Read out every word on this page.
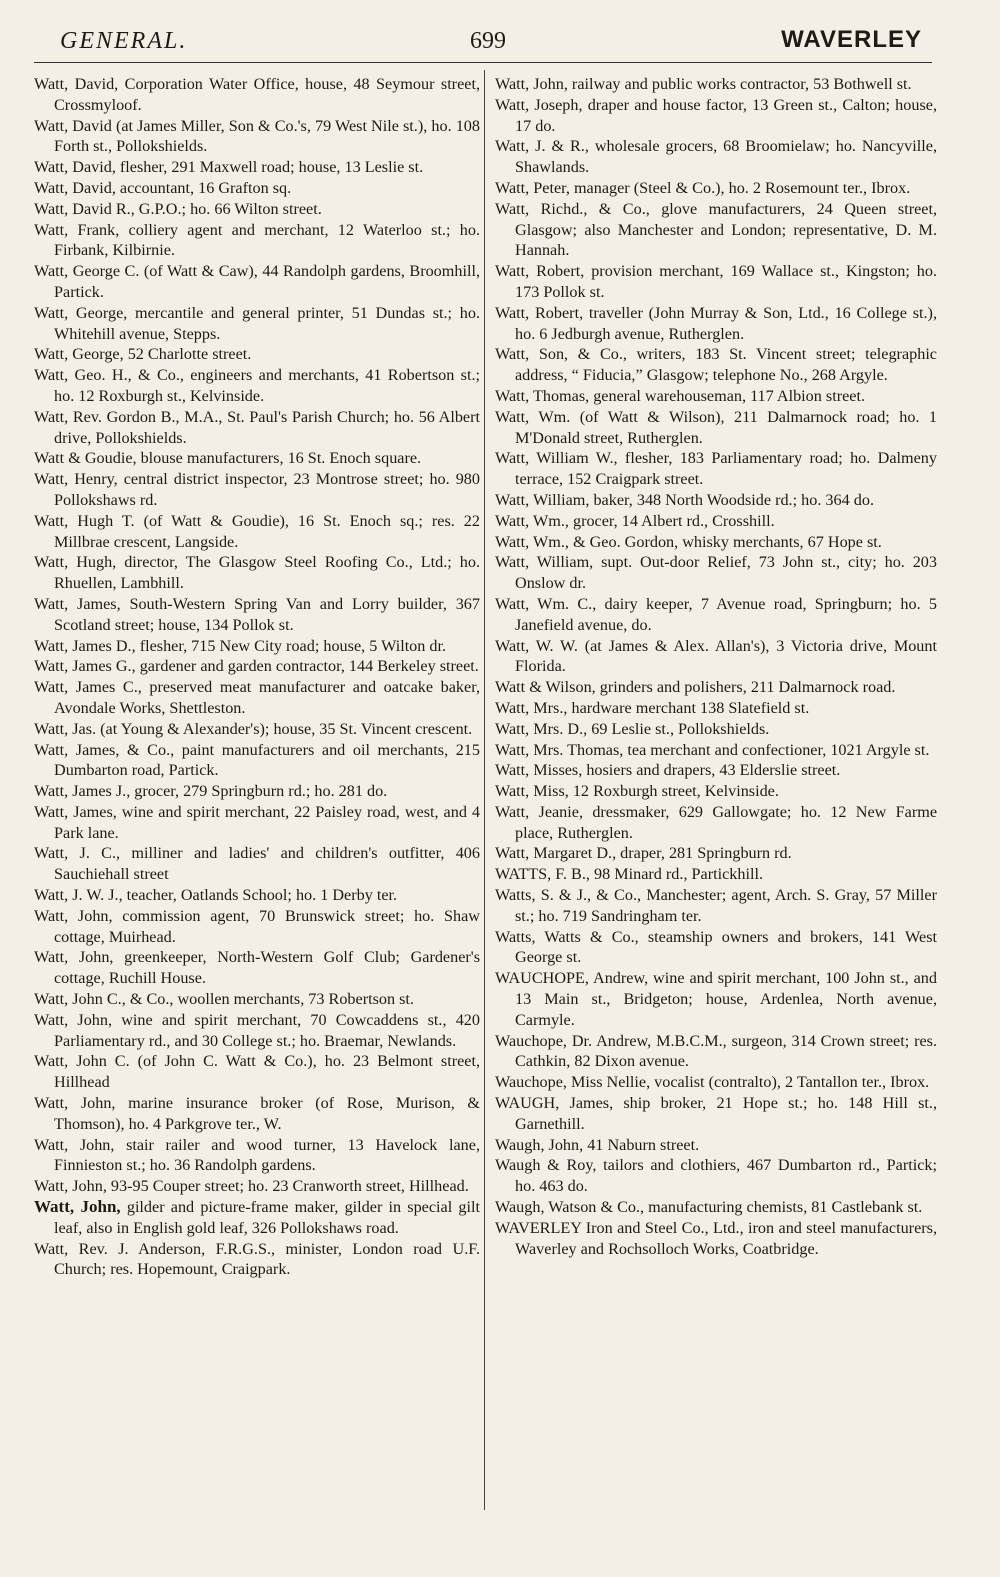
GENERAL.	699	WAVERLEY

Watt, David, Corporation Water Office, house, 48 Seymour street, Crossmyloof.

Watt, David (at James Miller, Son & Co.'s, 79 West Nile st.), ho. 108 Forth st., Pollokshields.

Watt, David, flesher, 291 Maxwell road; house, 13 Leslie st.

Watt, David, accountant, 16 Grafton sq.

Watt, David R., G.P.O.; ho. 66 Wilton street.

Watt, Frank, colliery agent and merchant, 12 Waterloo st.; ho. Firbank, Kilbirnie.

Watt, George C. (of Watt & Caw), 44 Randolph gardens, Broomhill, Partick.

Watt, George, mercantile and general printer, 51 Dundas st.; ho. Whitehill avenue, Stepps.

Watt, George, 52 Charlotte street.

Watt, Geo. H., & Co., engineers and merchants, 41 Robertson st.; ho. 12 Roxburgh st., Kelvinside.

Watt, Rev. Gordon B., M.A., St. Paul's Parish Church; ho. 56 Albert drive, Pollokshields.

Watt & Goudie, blouse manufacturers, 16 St. Enoch square.

Watt, Henry, central district inspector, 23 Montrose street; ho. 980 Pollokshaws rd.

Watt, Hugh T. (of Watt & Goudie), 16 St. Enoch sq.; res. 22 Millbrae crescent, Langside.

Watt, Hugh, director, The Glasgow Steel Roofing Co., Ltd.; ho. Rhuellen, Lambhill.

Watt, James, South-Western Spring Van and Lorry builder, 367 Scotland street; house, 134 Pollok st.

Watt, James D., flesher, 715 New City road; house, 5 Wilton dr.

Watt, James G., gardener and garden contractor, 144 Berkeley street.

Watt, James C., preserved meat manufacturer and oatcake baker, Avondale Works, Shettleston.

Watt, Jas. (at Young & Alexander's); house, 35 St. Vincent crescent.

Watt, James, & Co., paint manufacturers and oil merchants, 215 Dumbarton road, Partick.

Watt, James J., grocer, 279 Springburn rd.; ho. 281 do.

Watt, James, wine and spirit merchant, 22 Paisley road, west, and 4 Park lane.

Watt, J. C., milliner and ladies' and children's outfitter, 406 Sauchiehall street

Watt, J. W. J., teacher, Oatlands School; ho. 1 Derby ter.

Watt, John, commission agent, 70 Brunswick street; ho. Shaw cottage, Muirhead.

Watt, John, greenkeeper, North-Western Golf Club; Gardener's cottage, Ruchill House.

Watt, John C., & Co., woollen merchants, 73 Robertson st.

Watt, John, wine and spirit merchant, 70 Cowcaddens st., 420 Parliamentary rd., and 30 College st.; ho. Braemar, Newlands.

Watt, John C. (of John C. Watt & Co.), ho. 23 Belmont street, Hillhead

Watt, John, marine insurance broker (of Rose, Murison, & Thomson), ho. 4 Parkgrove ter., W.

Watt, John, stair railer and wood turner, 13 Havelock lane, Finnieston st.; ho. 36 Randolph gardens.

Watt, John, 93-95 Couper street; ho. 23 Cranworth street, Hillhead.

Watt, John, gilder and picture-frame maker, gilder in special gilt leaf, also in English gold leaf, 326 Pollokshaws road.

Watt, Rev. J. Anderson, F.R.G.S., minister, London road U.F. Church; res. Hopemount, Craigpark.

Watt, John, railway and public works contractor, 53 Bothwell st.

Watt, Joseph, draper and house factor, 13 Green st., Calton; house, 17 do.

Watt, J. & R., wholesale grocers, 68 Broomielaw; ho. Nancyville, Shawlands.

Watt, Peter, manager (Steel & Co.), ho. 2 Rosemount ter., Ibrox.

Watt, Richd., & Co., glove manufacturers, 24 Queen street, Glasgow; also Manchester and London; representative, D. M. Hannah.

Watt, Robert, provision merchant, 169 Wallace st., Kingston; ho. 173 Pollok st.

Watt, Robert, traveller (John Murray & Son, Ltd., 16 College st.), ho. 6 Jedburgh avenue, Rutherglen.

Watt, Son, & Co., writers, 183 St. Vincent street; telegraphic address, “ Fiducia,” Glasgow; telephone No., 268 Argyle.

Watt, Thomas, general warehouseman, 117 Albion street.

Watt, Wm. (of Watt & Wilson), 211 Dalmarnock road; ho. 1 M'Donald street, Rutherglen.

Watt, William W., flesher, 183 Parliamentary road; ho. Dalmeny terrace, 152 Craigpark street.

Watt, William, baker, 348 North Woodside rd.; ho. 364 do.

Watt, Wm., grocer, 14 Albert rd., Crosshill.

Watt, Wm., & Geo. Gordon, whisky merchants, 67 Hope st.

Watt, William, supt. Out-door Relief, 73 John st., city; ho. 203 Onslow dr.

Watt, Wm. C., dairy keeper, 7 Avenue road, Springburn; ho. 5 Janefield avenue, do.

Watt, W. W. (at James & Alex. Allan's), 3 Victoria drive, Mount Florida.

Watt & Wilson, grinders and polishers, 211 Dalmarnock road.

Watt, Mrs., hardware merchant 138 Slatefield st.

Watt, Mrs. D., 69 Leslie st., Pollokshields.

Watt, Mrs. Thomas, tea merchant and confectioner, 1021 Argyle st.

Watt, Misses, hosiers and drapers, 43 Elderslie street.

Watt, Miss, 12 Roxburgh street, Kelvinside.

Watt, Jeanie, dressmaker, 629 Gallowgate; ho. 12 New Farme place, Rutherglen.

Watt, Margaret D., draper, 281 Springburn rd.

WATTS, F. B., 98 Minard rd., Partickhill.

Watts, S. & J., & Co., Manchester; agent, Arch. S. Gray, 57 Miller st.; ho. 719 Sandringham ter.

Watts, Watts & Co., steamship owners and brokers, 141 West George st.

WAUCHOPE, Andrew, wine and spirit merchant, 100 John st., and 13 Main st., Bridgeton; house, Ardenlea, North avenue, Carmyle.

Wauchope, Dr. Andrew, M.B.C.M., surgeon, 314 Crown street; res. Cathkin, 82 Dixon avenue.

Wauchope, Miss Nellie, vocalist (contralto), 2 Tantallon ter., Ibrox.

WAUGH, James, ship broker, 21 Hope st.; ho. 148 Hill st., Garnethill.

Waugh, John, 41 Naburn street.

Waugh & Roy, tailors and clothiers, 467 Dumbarton rd., Partick; ho. 463 do.

Waugh, Watson & Co., manufacturing chemists, 81 Castlebank st.

WAVERLEY Iron and Steel Co., Ltd., iron and steel manufacturers, Waverley and Rochsolloch Works, Coatbridge.
